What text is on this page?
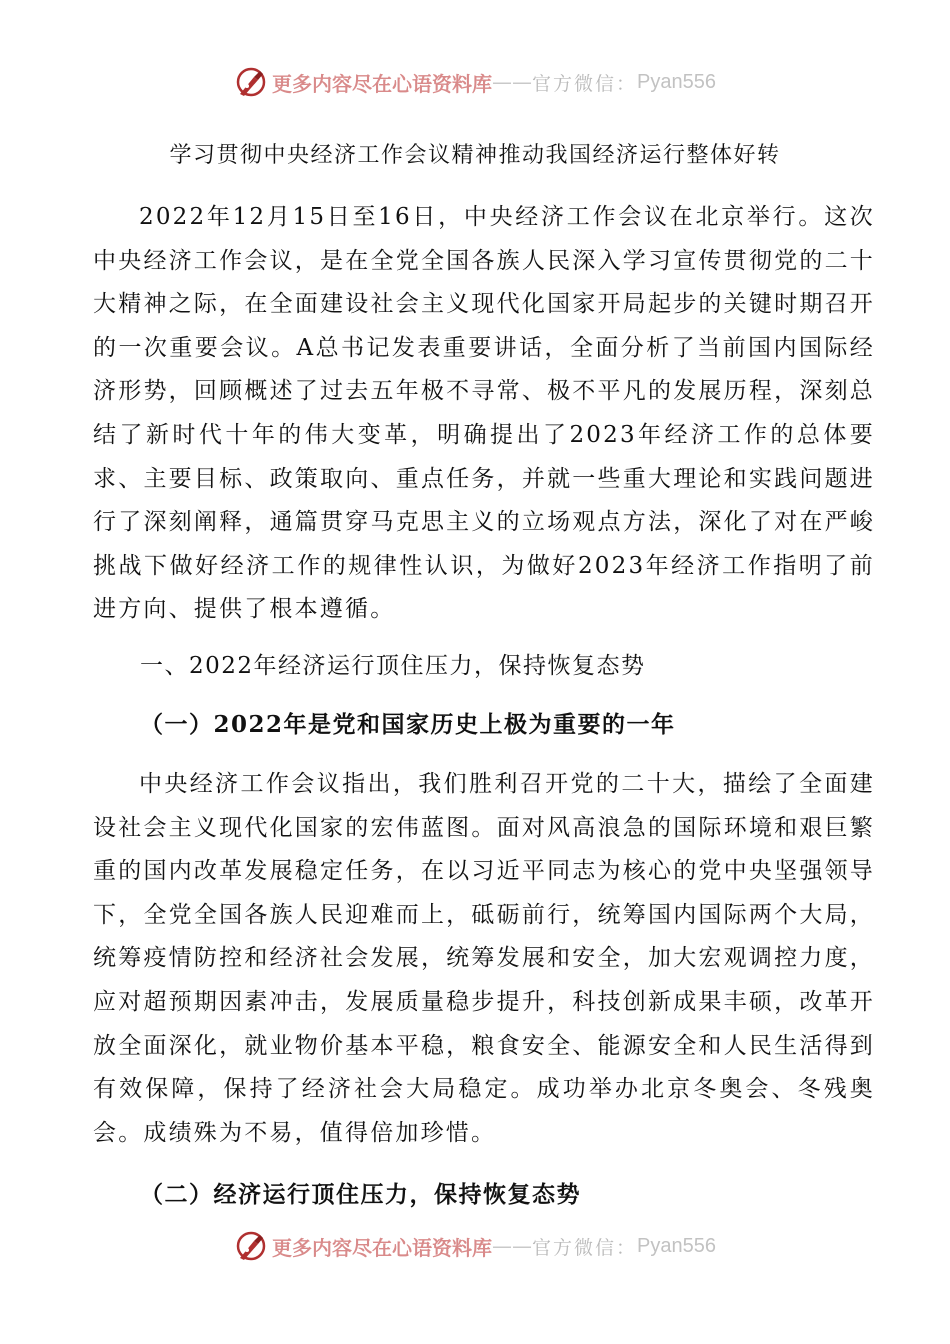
更多内容尽在心语资料库 —— 官方微信： Pyan556
学习贯彻中央经济工作会议精神推动我国经济运行整体好转

2022年12月15日至16日，中央经济工作会议在北京举行。这次中央经济工作会议，是在全党全国各族人民深入学习宣传贯彻党的二十大精神之际，在全面建设社会主义现代化国家开局起步的关键时期召开的一次重要会议。A总书记发表重要讲话，全面分析了当前国内国际经济形势，回顾概述了过去五年极不寻常、极不平凡的发展历程，深刻总结了新时代十年的伟大变革，明确提出了2023年经济工作的总体要求、主要目标、政策取向、重点任务，并就一些重大理论和实践问题进行了深刻阐释，通篇贯穿马克思主义的立场观点方法，深化了对在严峻挑战下做好经济工作的规律性认识，为做好2023年经济工作指明了前进方向、提供了根本遵循。

一、2022年经济运行顶住压力，保持恢复态势
（一）2022年是党和国家历史上极为重要的一年

中央经济工作会议指出，我们胜利召开党的二十大，描绘了全面建设社会主义现代化国家的宏伟蓝图。面对风高浪急的国际环境和艰巨繁重的国内改革发展稳定任务，在以习近平同志为核心的党中央坚强领导下，全党全国各族人民迎难而上，砥砺前行，统筹国内国际两个大局，统筹疫情防控和经济社会发展，统筹发展和安全，加大宏观调控力度，应对超预期因素冲击，发展质量稳步提升，科技创新成果丰硕，改革开放全面深化，就业物价基本平稳，粮食安全、能源安全和人民生活得到有效保障，保持了经济社会大局稳定。成功举办北京冬奥会、冬残奥会。成绩殊为不易，值得倍加珍惜。

（二）经济运行顶住压力，保持恢复态势
更多内容尽在心语资料库 —— 官方微信： Pyan556
